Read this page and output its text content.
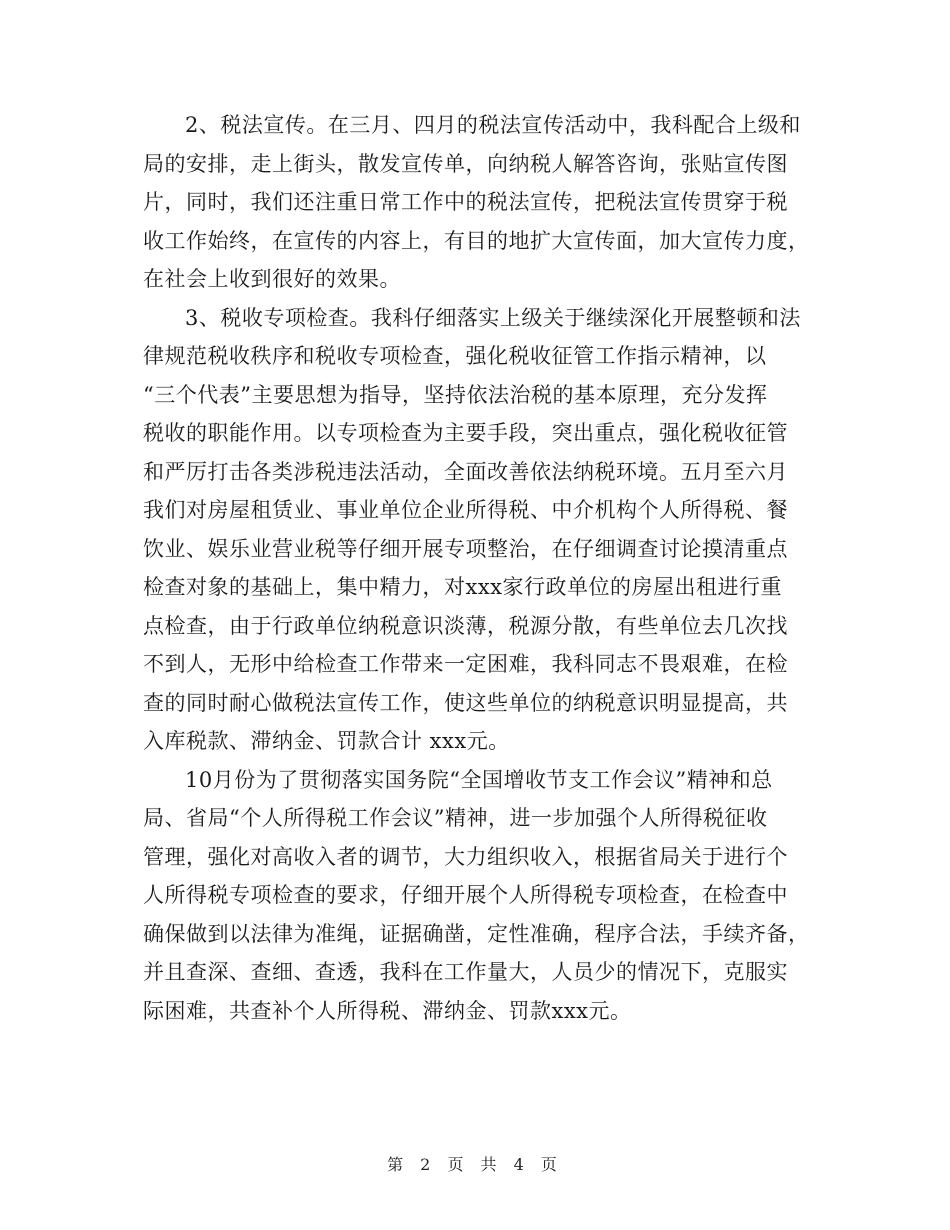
2、税法宣传。在三月、四月的税法宣传活动中，我科配合上级和
局的安排，走上街头，散发宣传单，向纳税人解答咨询，张贴宣传图
片，同时，我们还注重日常工作中的税法宣传，把税法宣传贯穿于税
收工作始终，在宣传的内容上，有目的地扩大宣传面，加大宣传力度，
在社会上收到很好的效果。
3、税收专项检查。我科仔细落实上级关于继续深化开展整顿和法
律规范税收秩序和税收专项检查，强化税收征管工作指示精神，以
“三个代表”主要思想为指导，坚持依法治税的基本原理，充分发挥
税收的职能作用。以专项检查为主要手段，突出重点，强化税收征管
和严厉打击各类涉税违法活动，全面改善依法纳税环境。五月至六月
我们对房屋租赁业、事业单位企业所得税、中介机构个人所得税、餐
饮业、娱乐业营业税等仔细开展专项整治，在仔细调查讨论摸清重点
检查对象的基础上，集中精力，对xxx家行政单位的房屋出租进行重
点检查，由于行政单位纳税意识淡薄，税源分散，有些单位去几次找
不到人，无形中给检查工作带来一定困难，我科同志不畏艰难，在检
查的同时耐心做税法宣传工作，使这些单位的纳税意识明显提高，共
入库税款、滞纳金、罚款合计 xxx元。
10月份为了贯彻落实国务院“全国增收节支工作会议”精神和总
局、省局“个人所得税工作会议”精神，进一步加强个人所得税征收
管理，强化对高收入者的调节，大力组织收入，根据省局关于进行个
人所得税专项检查的要求，仔细开展个人所得税专项检查，在检查中
确保做到以法律为准绳，证据确凿，定性准确，程序合法，手续齐备，
并且查深、查细、查透，我科在工作量大，人员少的情况下，克服实
际困难，共查补个人所得税、滞纳金、罚款xxx元。
第 2 页 共 4 页
